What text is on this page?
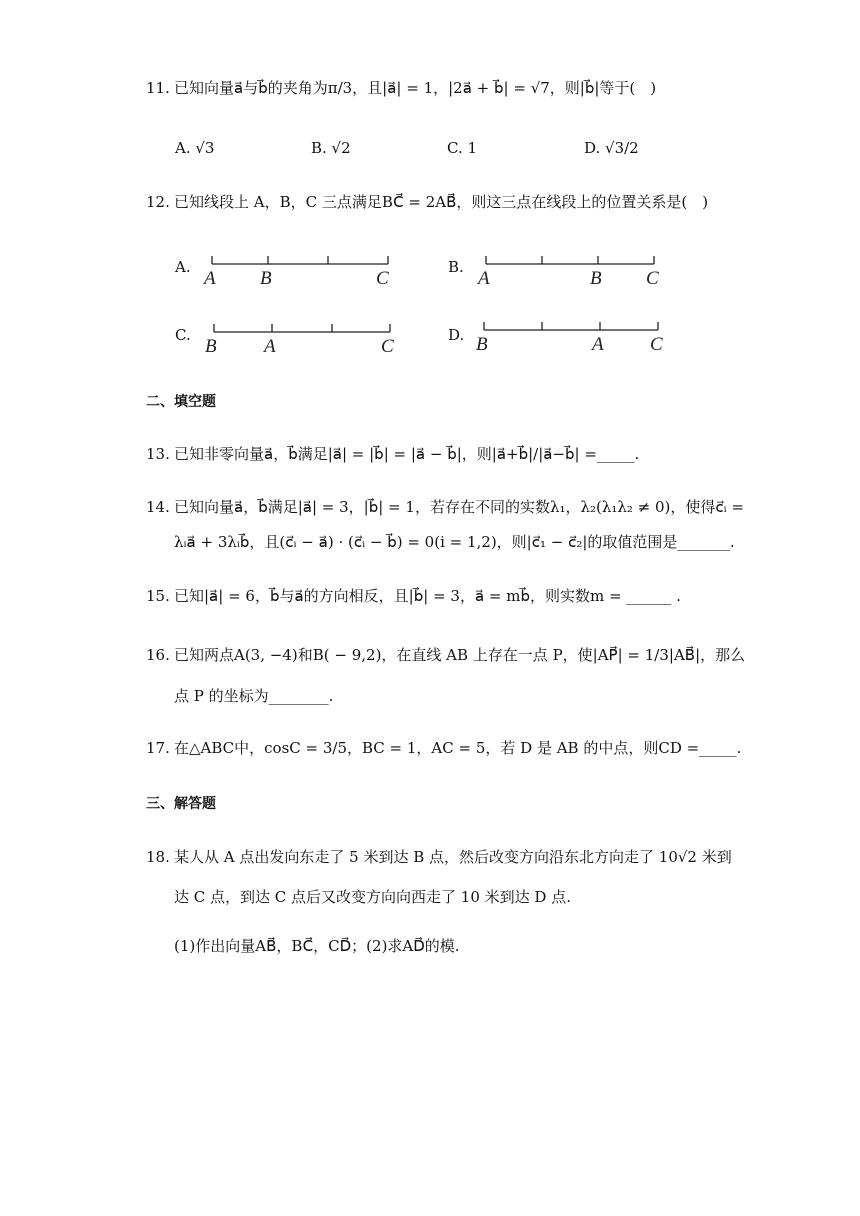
11. 已知向量a⃗与b⃗的夹角为π/3，且|a⃗| = 1，|2a⃗ + b⃗| = √7，则|b⃗|等于(　)
A. √3	B. √2	C. 1	D. √3/2
12. 已知线段上 A，B，C 三点满足BC⃗ = 2AB⃗，则这三点在线段上的位置关系是(　)
A.
A B	C
B.
A	B C
C.
B A	C
D. B	A C
二、填空题
13. 已知非零向量a⃗，b⃗满足|a⃗| = |b⃗| = |a⃗ − b⃗|，则|a⃗+b⃗|/|a⃗−b⃗| =_____.
14. 已知向量a⃗，b⃗满足|a⃗| = 3，|b⃗| = 1，若存在不同的实数λ₁，λ₂(λ₁λ₂ ≠ 0)，使得c⃗ᵢ =
λᵢa⃗ + 3λᵢb⃗，且(c⃗ᵢ − a⃗) · (c⃗ᵢ − b⃗) = 0(i = 1,2)，则|c⃗₁ − c⃗₂|的取值范围是_______.
15. 已知|a⃗| = 6，b⃗与a⃗的方向相反，且|b⃗| = 3，a⃗ = mb⃗，则实数m = ______ .
16. 已知两点A(3, −4)和B( − 9,2)，在直线 AB 上存在一点 P，使|AP⃗| = 1/3|AB⃗|，那么
点 P 的坐标为________.
17. 在△ABC中，cosC = 3/5，BC = 1，AC = 5，若 D 是 AB 的中点，则CD =_____.
三、解答题
18. 某人从 A 点出发向东走了 5 米到达 B 点，然后改变方向沿东北方向走了 10√2 米到
达 C 点，到达 C 点后又改变方向向西走了 10 米到达 D 点.
(1)作出向量AB⃗，BC⃗，CD⃗；(2)求AD⃗的模.
